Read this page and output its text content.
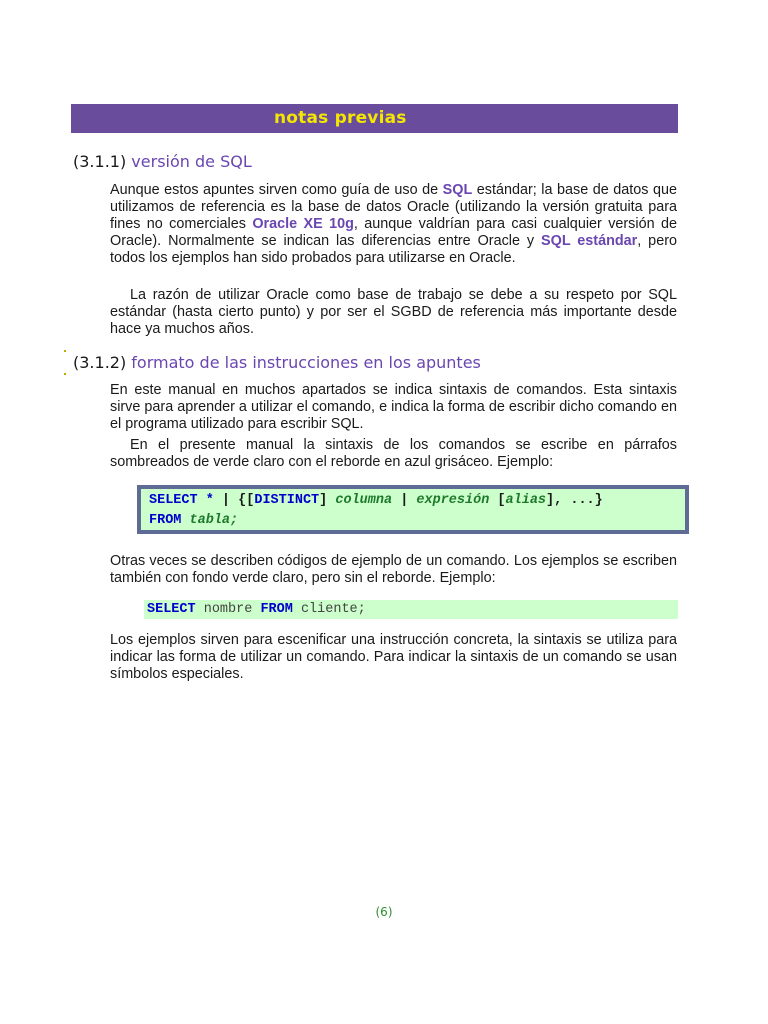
notas previas
(3.1.1) versión de SQL

Aunque estos apuntes sirven como guía de uso de SQL estándar; la base de datos que utilizamos de referencia es la base de datos Oracle (utilizando la versión gratuita para fines no comerciales Oracle XE 10g, aunque valdrían para casi cualquier versión de Oracle). Normalmente se indican las diferencias entre Oracle y SQL estándar, pero todos los ejemplos han sido probados para utilizarse en Oracle.

La razón de utilizar Oracle como base de trabajo se debe a su respeto por SQL estándar (hasta cierto punto) y por ser el SGBD de referencia más importante desde hace ya muchos años.

(3.1.2) formato de las instrucciones en los apuntes

En este manual en muchos apartados se indica sintaxis de comandos. Esta sintaxis sirve para aprender a utilizar el comando, e indica la forma de escribir dicho comando en el programa utilizado para escribir SQL.

En el presente manual la sintaxis de los comandos se escribe en párrafos sombreados de verde claro con el reborde en azul grisáceo. Ejemplo:

SELECT * | {[DISTINCT] columna | expresión [alias], ...}
FROM tabla;

Otras veces se describen códigos de ejemplo de un comando. Los ejemplos se escriben también con fondo verde claro, pero sin el reborde. Ejemplo:

SELECT nombre FROM cliente;

Los ejemplos sirven para escenificar una instrucción concreta, la sintaxis se utiliza para indicar las forma de utilizar un comando. Para indicar la sintaxis de un comando se usan símbolos especiales.

(6)
